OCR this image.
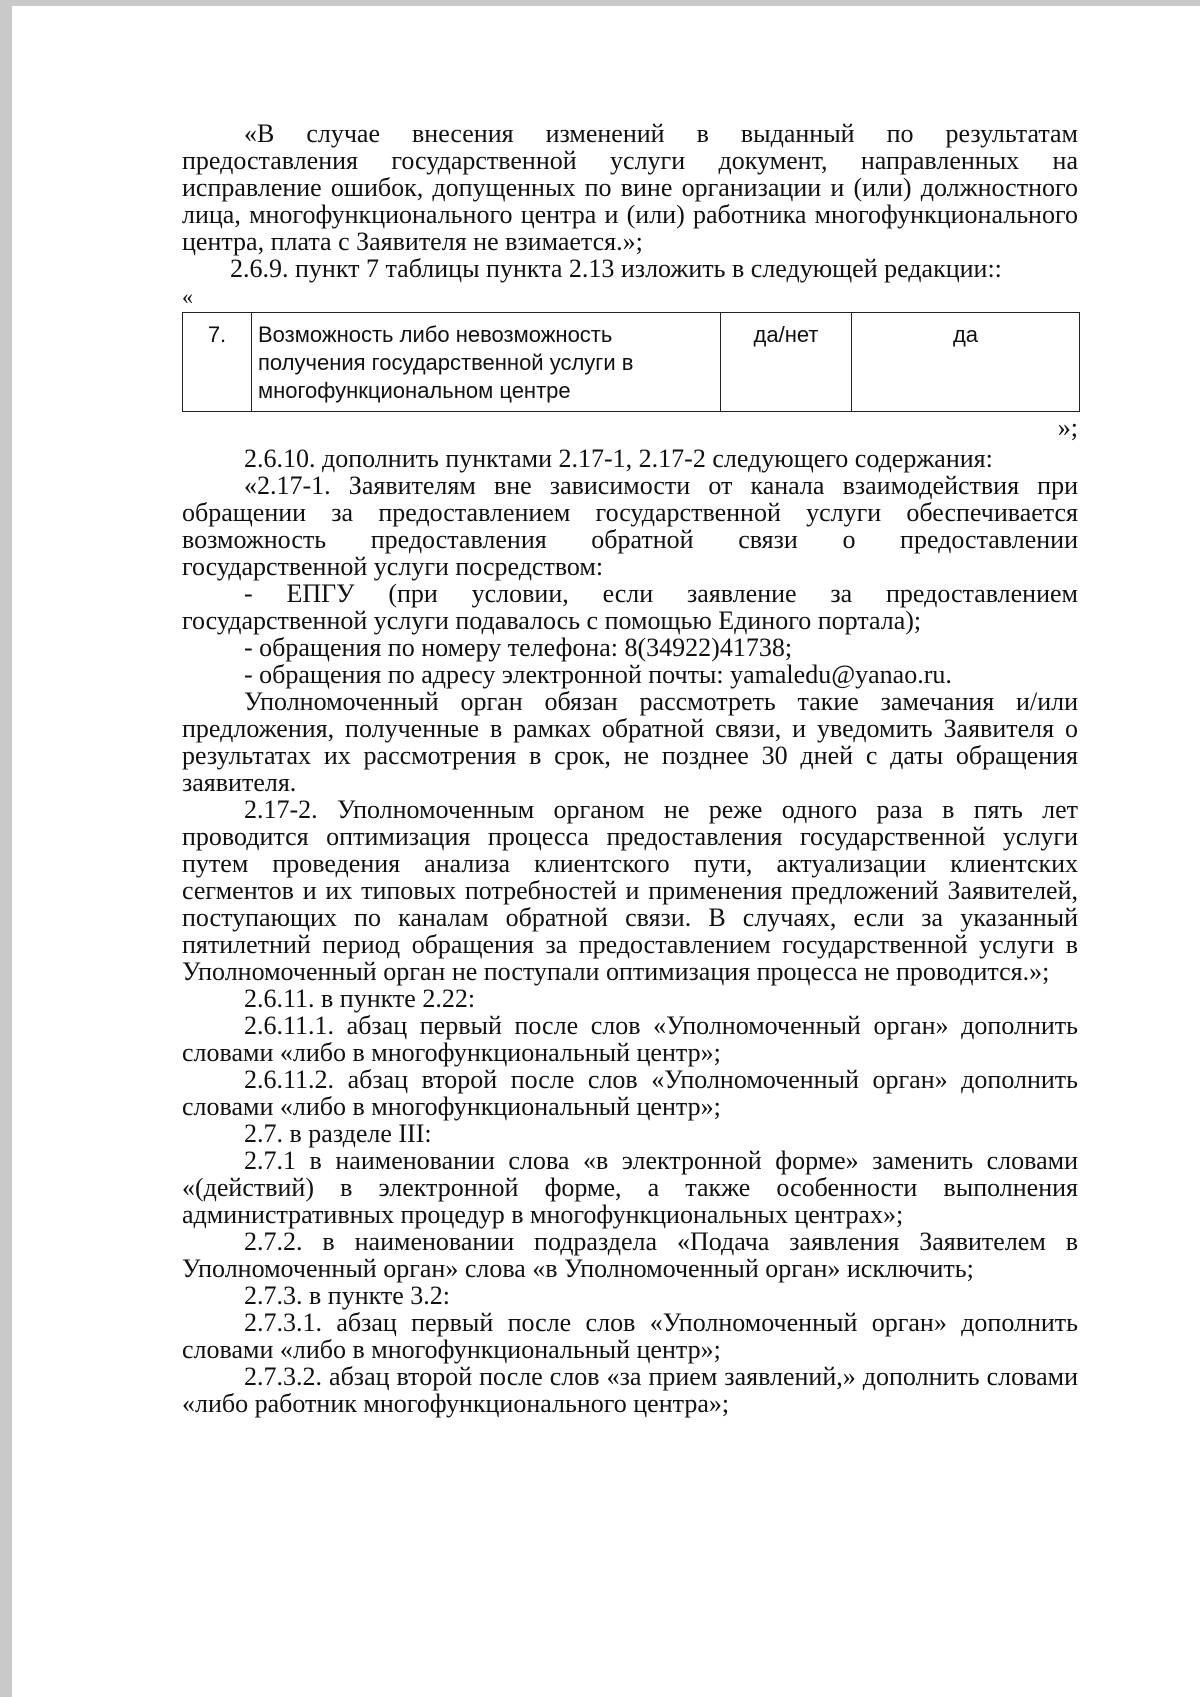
«В случае внесения изменений в выданный по результатам предоставления государственной услуги документ, направленных на исправление ошибок, допущенных по вине организации и (или) должностного лица, многофункционального центра и (или) работника многофункционального центра, плата с Заявителя не взимается.»;

2.6.9. пункт 7 таблицы пункта 2.13 изложить в следующей редакции::

«
7.	Возможность либо невозможность получения государственной услуги в многофункциональном центре	да/нет	да
»;

2.6.10. дополнить пунктами 2.17-1, 2.17-2 следующего содержания:

«2.17-1. Заявителям вне зависимости от канала взаимодействия при обращении за предоставлением государственной услуги обеспечивается возможность предоставления обратной связи о предоставлении государственной услуги посредством:

- ЕПГУ (при условии, если заявление за предоставлением государственной услуги подавалось с помощью Единого портала);

- обращения по номеру телефона: 8(34922)41738;

- обращения по адресу электронной почты: yamaledu@yanao.ru.

Уполномоченный орган обязан рассмотреть такие замечания и/или предложения, полученные в рамках обратной связи, и уведомить Заявителя о результатах их рассмотрения в срок, не позднее 30 дней с даты обращения заявителя.

2.17-2. Уполномоченным органом не реже одного раза в пять лет проводится оптимизация процесса предоставления государственной услуги путем проведения анализа клиентского пути, актуализации клиентских сегментов и их типовых потребностей и применения предложений Заявителей, поступающих по каналам обратной связи. В случаях, если за указанный пятилетний период обращения за предоставлением государственной услуги в Уполномоченный орган не поступали оптимизация процесса не проводится.»;

2.6.11. в пункте 2.22:

2.6.11.1. абзац первый после слов «Уполномоченный орган» дополнить словами «либо в многофункциональный центр»;

2.6.11.2. абзац второй после слов «Уполномоченный орган» дополнить словами «либо в многофункциональный центр»;

2.7. в разделе III:

2.7.1 в наименовании слова «в электронной форме» заменить словами «(действий) в электронной форме, а также особенности выполнения административных процедур в многофункциональных центрах»;

2.7.2. в наименовании подраздела «Подача заявления Заявителем в Уполномоченный орган» слова «в Уполномоченный орган» исключить;

2.7.3. в пункте 3.2:

2.7.3.1. абзац первый после слов «Уполномоченный орган» дополнить словами «либо в многофункциональный центр»;

2.7.3.2. абзац второй после слов «за прием заявлений,» дополнить словами «либо работник многофункционального центра»;
